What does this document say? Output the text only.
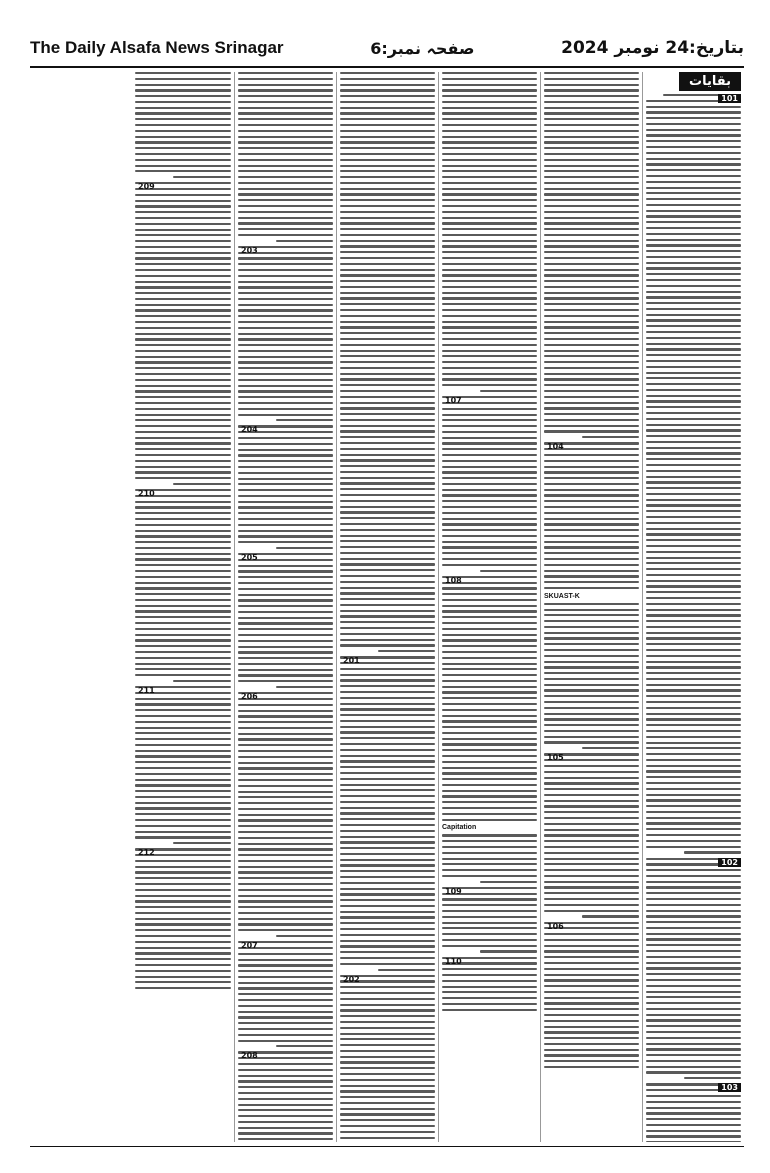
The Daily Alsafa News Srinagar	صفحہ نمبر:6	بتاریخ:24 نومبر 2024
بقایات
101
102
103
104
SKUAST-K
105
106
107
108
Capitation
109
110
201
202
203
204
205
206
207
208
209
210
211
212
